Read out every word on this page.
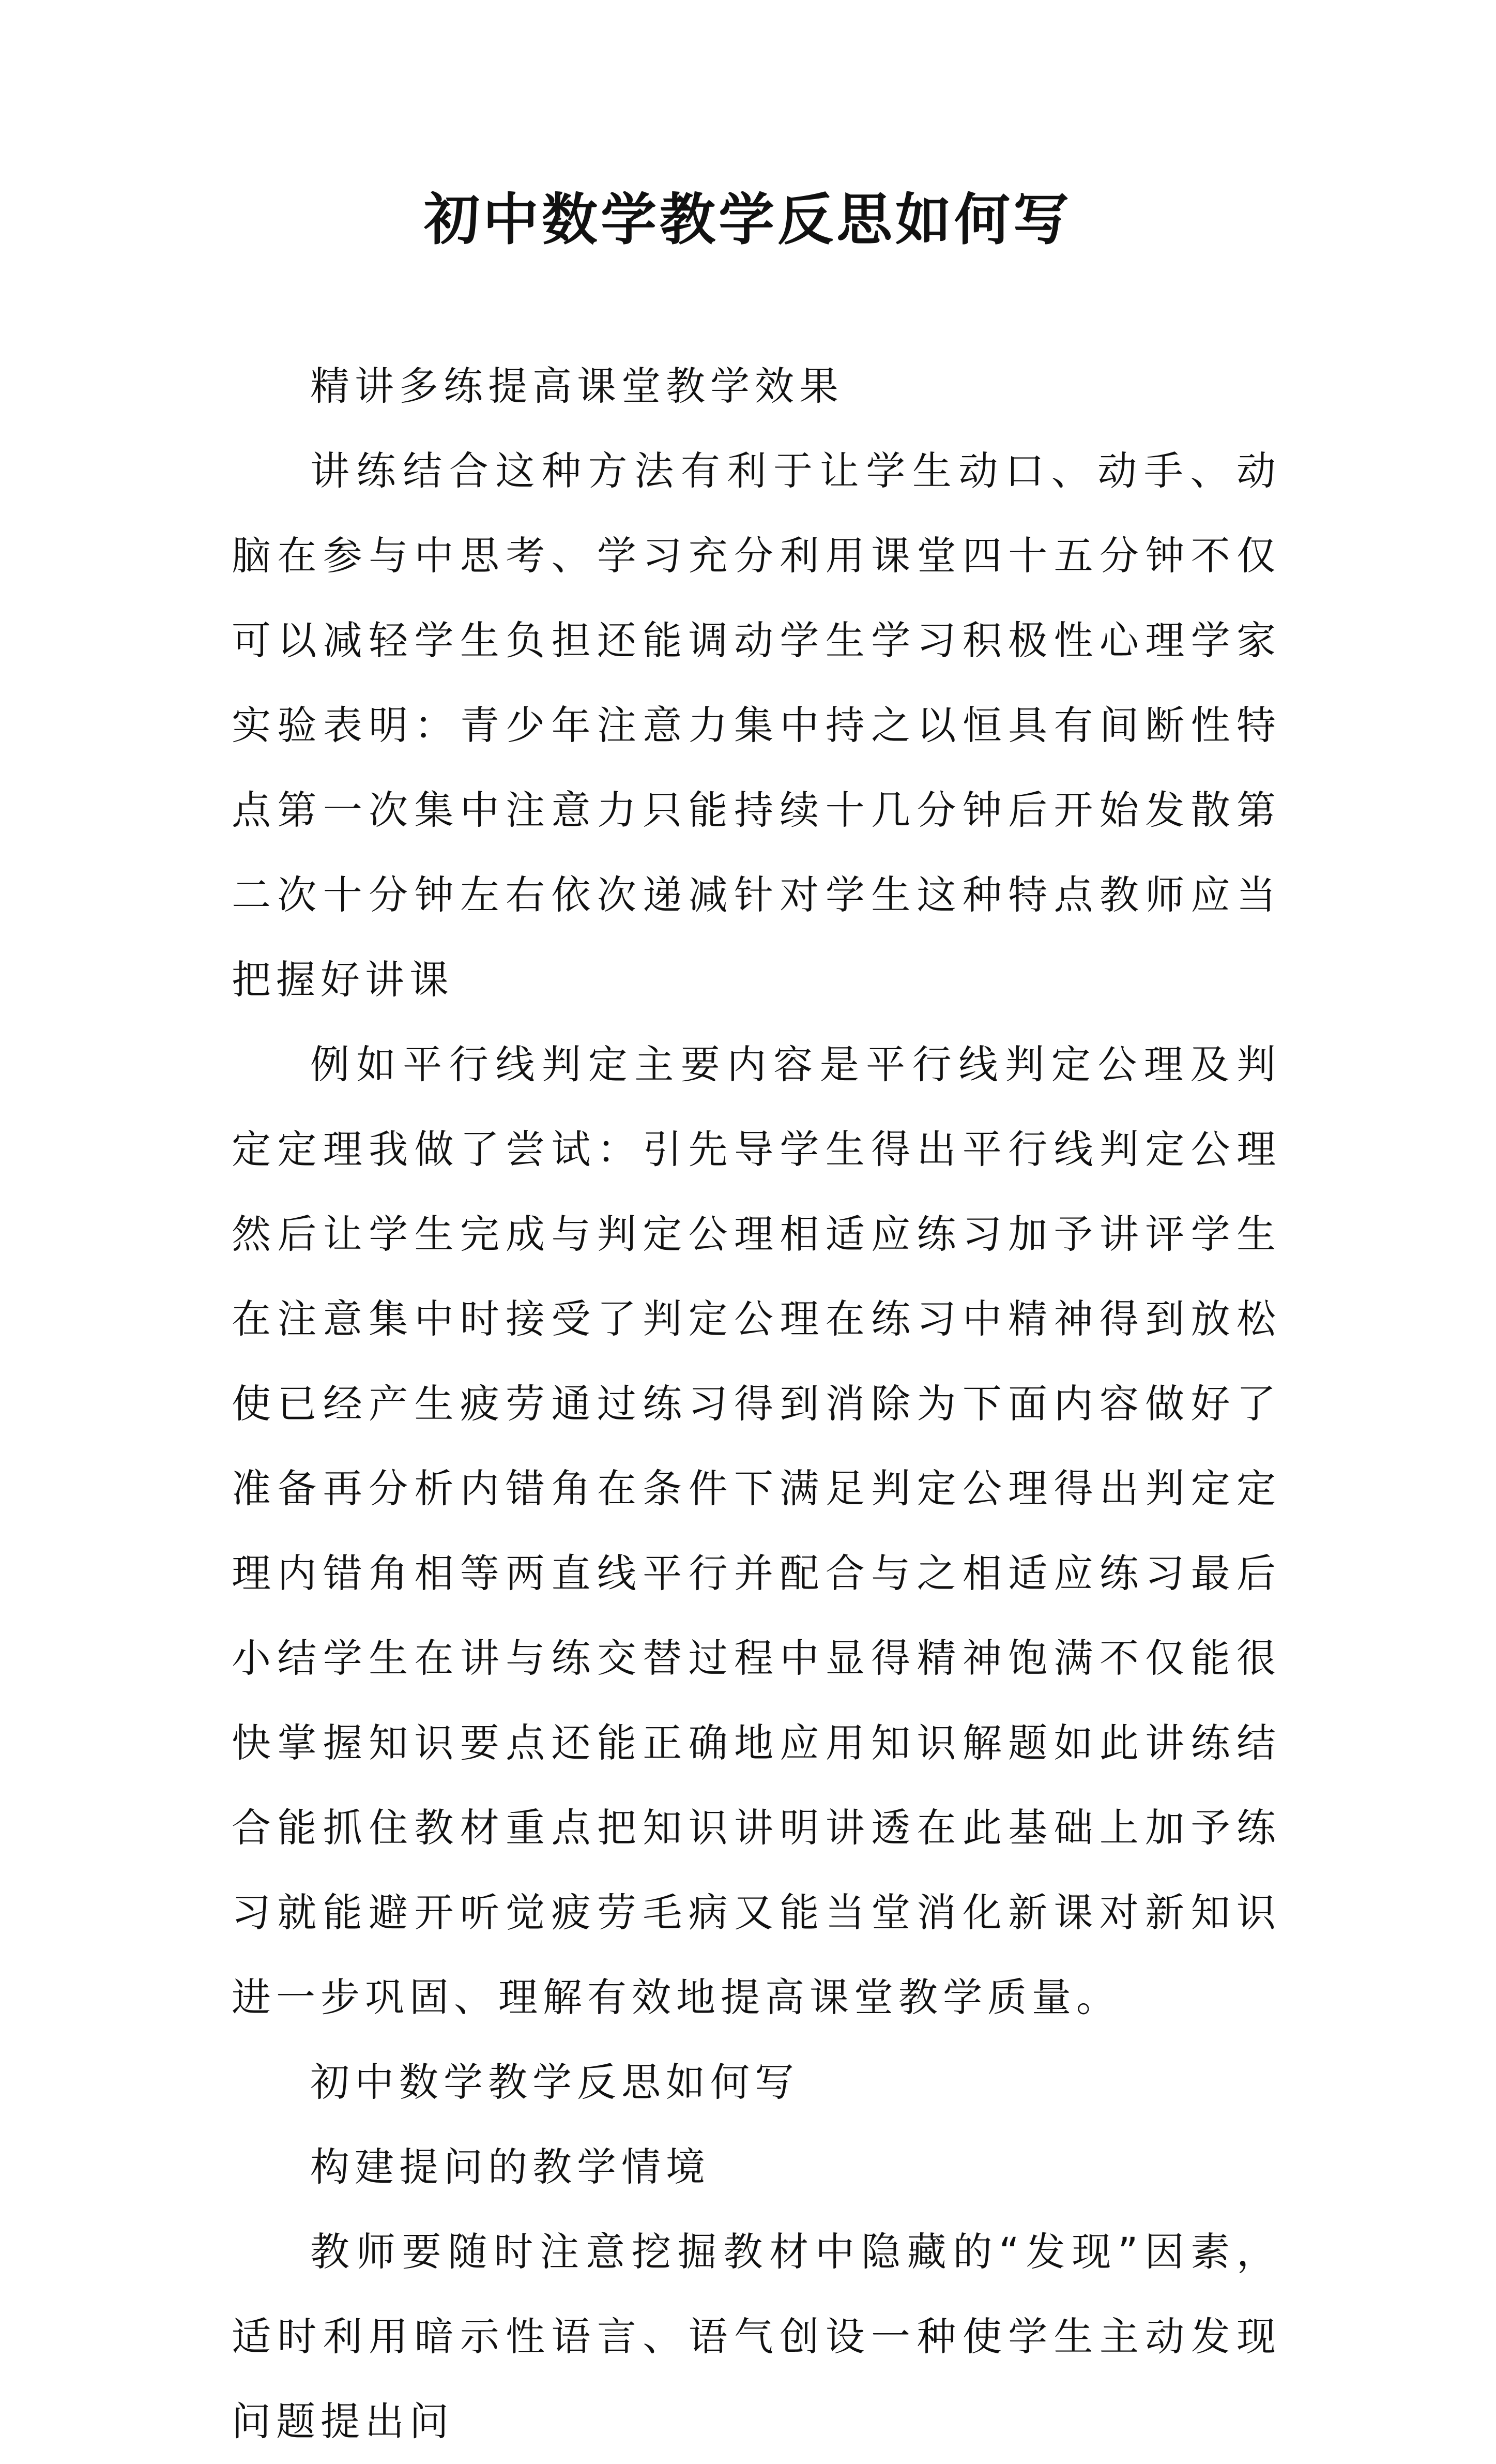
初中数学教学反思如何写

精讲多练提高课堂教学效果

讲练结合这种方法有利于让学生动口、动手、动脑在参与中思考、学习充分利用课堂四十五分钟不仅可以减轻学生负担还能调动学生学习积极性心理学家实验表明：青少年注意力集中持之以恒具有间断性特点第一次集中注意力只能持续十几分钟后开始发散第二次十分钟左右依次递减针对学生这种特点教师应当把握好讲课

例如平行线判定主要内容是平行线判定公理及判定定理我做了尝试：引先导学生得出平行线判定公理然后让学生完成与判定公理相适应练习加予讲评学生在注意集中时接受了判定公理在练习中精神得到放松使已经产生疲劳通过练习得到消除为下面内容做好了准备再分析内错角在条件下满足判定公理得出判定定理内错角相等两直线平行并配合与之相适应练习最后小结学生在讲与练交替过程中显得精神饱满不仅能很快掌握知识要点还能正确地应用知识解题如此讲练结合能抓住教材重点把知识讲明讲透在此基础上加予练习就能避开听觉疲劳毛病又能当堂消化新课对新知识进一步巩固、理解有效地提高课堂教学质量。

初中数学教学反思如何写

构建提问的教学情境

教师要随时注意挖掘教材中隐藏的“发现”因素，适时利用暗示性语言、语气创设一种使学生主动发现问题提出问
